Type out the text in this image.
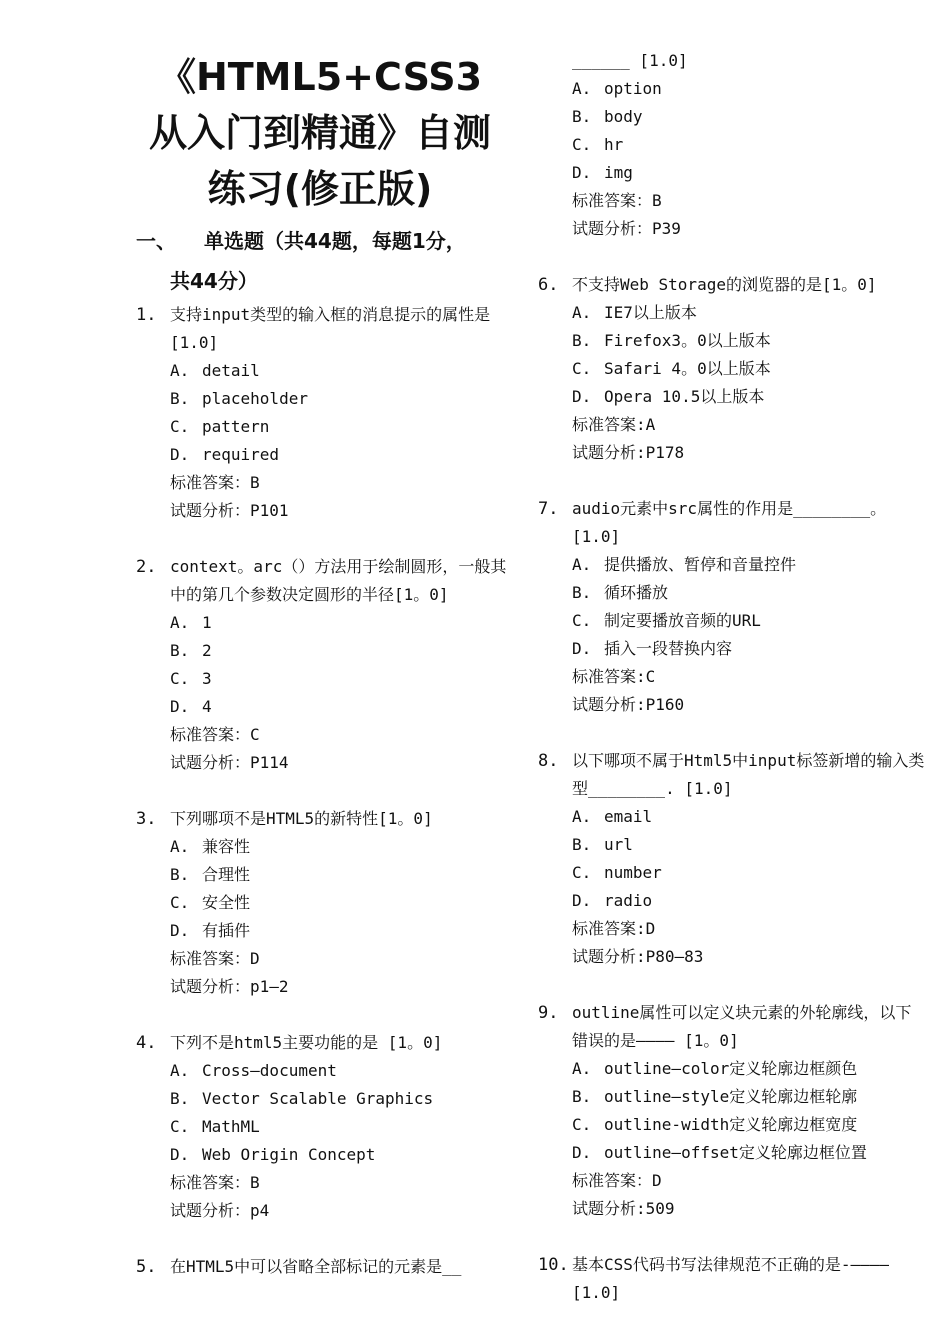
《HTML5+CSS3
从入门到精通》自测
练习(修正版)
一、	单选题（共44题，每题1分，
共44分）
1. 支持input类型的输入框的消息提示的属性是 [1.0]
A. detail
B. placeholder
C. pattern
D. required
标准答案：B
试题分析：P101
2. context。arc（）方法用于绘制圆形，一般其中的第几个参数决定圆形的半径[1。0]
A. 1
B. 2
C. 3
D. 4
标准答案：C
试题分析：P114
3. 下列哪项不是HTML5的新特性[1。0]
A. 兼容性
B. 合理性
C. 安全性
D. 有插件
标准答案：D
试题分析：p1—2
4. 下列不是html5主要功能的是 [1。0]
A. Cross—document
B. Vector Scalable Graphics
C. MathML
D. Web Origin Concept
标准答案：B
试题分析：p4
5. 在HTML5中可以省略全部标记的元素是__
______ [1.0]
A. option
B. body
C. hr
D. img
标准答案：B
试题分析：P39
6. 不支持Web Storage的浏览器的是[1。0]
A. IE7以上版本
B. Firefox3。0以上版本
C. Safari 4。0以上版本
D. Opera 10.5以上版本
标准答案:A
试题分析:P178
7. audio元素中src属性的作用是________。[1.0]
A. 提供播放、暂停和音量控件
B. 循环播放
C. 制定要播放音频的URL
D. 插入一段替换内容
标准答案:C
试题分析:P160
8. 以下哪项不属于Html5中input标签新增的输入类型________. [1.0]
A. email
B. url
C. number
D. radio
标准答案:D
试题分析:P80—83
9. outline属性可以定义块元素的外轮廓线，以下错误的是———— [1。0]
A. outline—color定义轮廓边框颜色
B. outline—style定义轮廓边框轮廓
C. outline-width定义轮廓边框宽度
D. outline—offset定义轮廓边框位置
标准答案：D
试题分析:509
10. 基本CSS代码书写法律规范不正确的是-———— [1.0]
